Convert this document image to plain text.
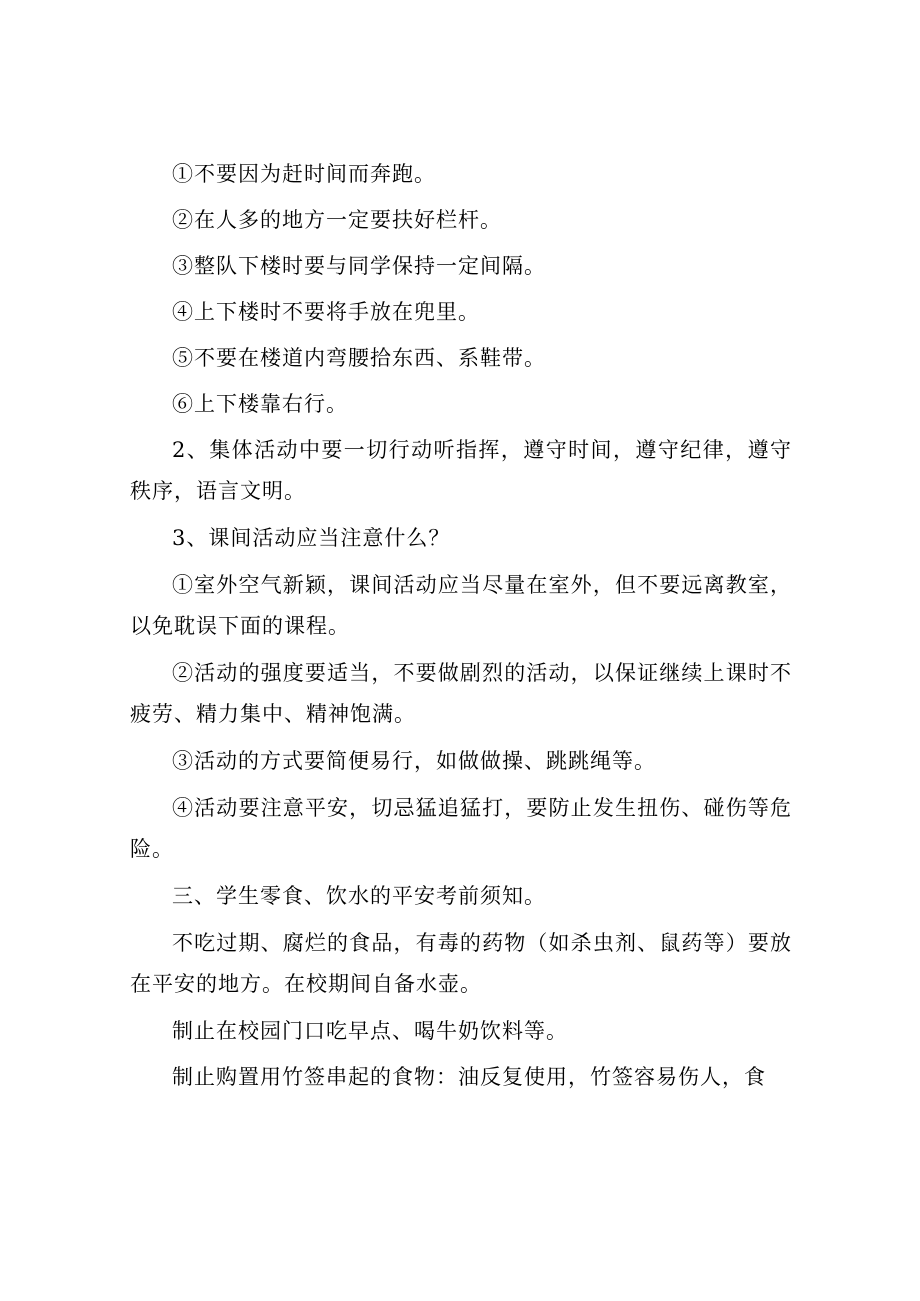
①不要因为赶时间而奔跑。

②在人多的地方一定要扶好栏杆。

③整队下楼时要与同学保持一定间隔。

④上下楼时不要将手放在兜里。

⑤不要在楼道内弯腰拾东西、系鞋带。

⑥上下楼靠右行。

2、集体活动中要一切行动听指挥，遵守时间，遵守纪律，遵守秩序，语言文明。

3、课间活动应当注意什么？

①室外空气新颖，课间活动应当尽量在室外，但不要远离教室，以免耽误下面的课程。

②活动的强度要适当，不要做剧烈的活动，以保证继续上课时不疲劳、精力集中、精神饱满。

③活动的方式要简便易行，如做做操、跳跳绳等。

④活动要注意平安，切忌猛追猛打，要防止发生扭伤、碰伤等危险。

三、学生零食、饮水的平安考前须知。

不吃过期、腐烂的食品，有毒的药物（如杀虫剂、鼠药等）要放在平安的地方。在校期间自备水壶。

制止在校园门口吃早点、喝牛奶饮料等。

制止购置用竹签串起的食物：油反复使用，竹签容易伤人，食
